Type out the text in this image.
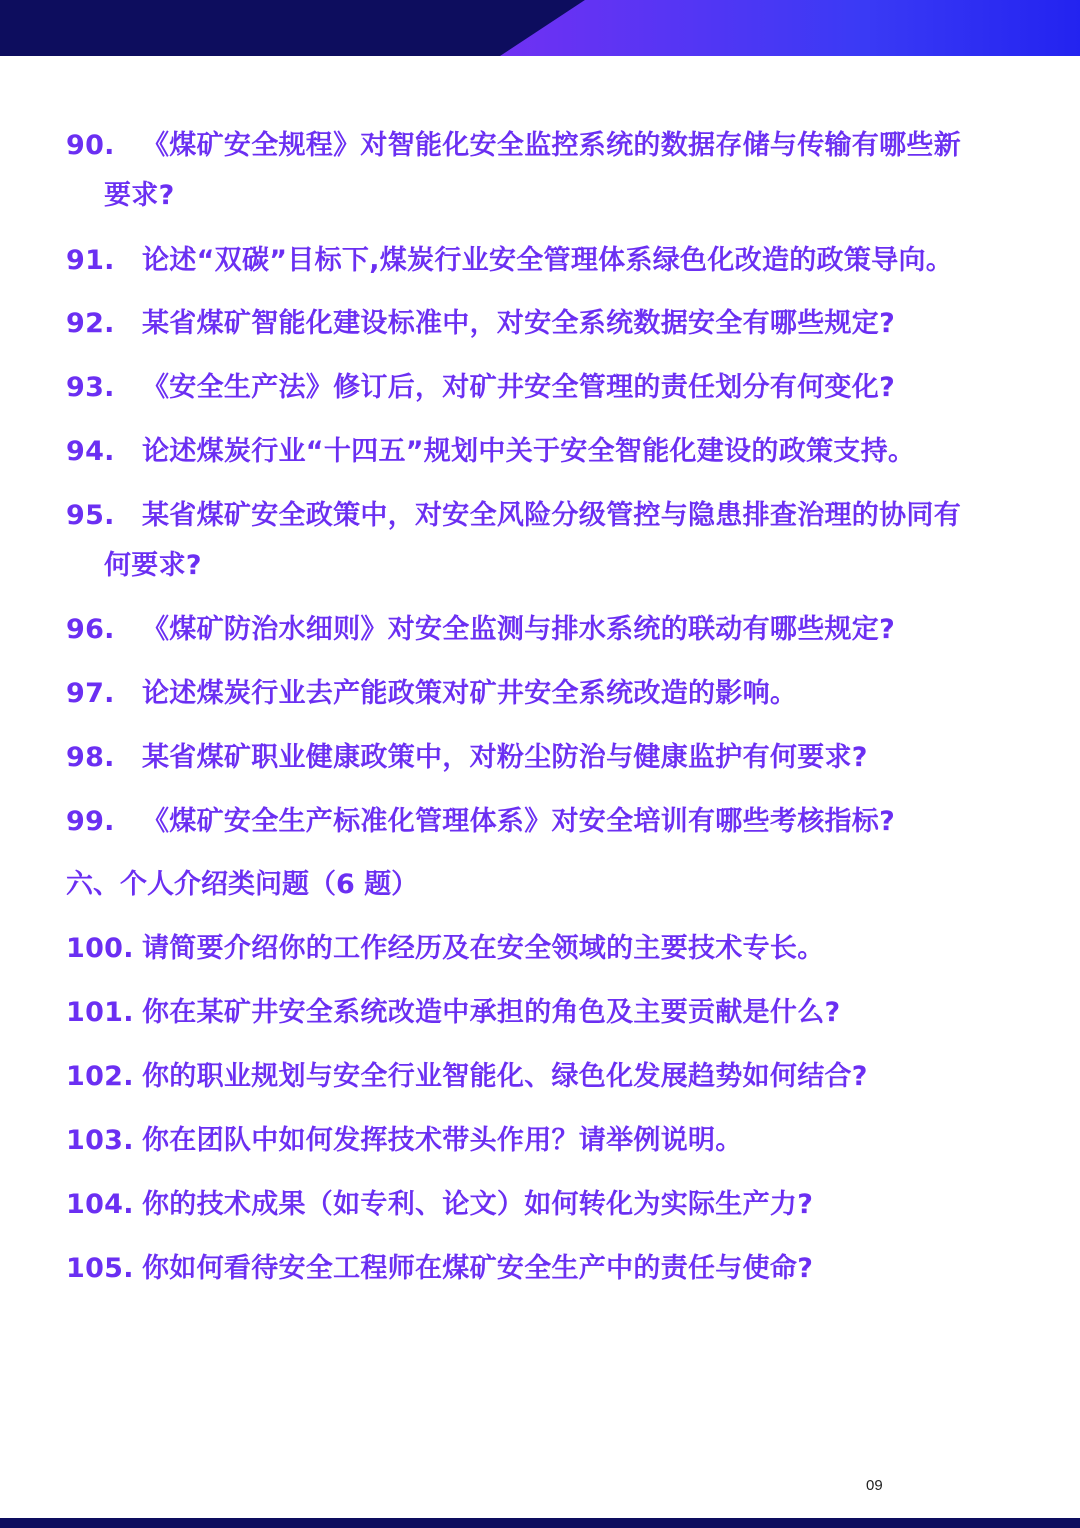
90. 《煤矿安全规程》对智能化安全监控系统的数据存储与传输有哪些新
要求?
91.	论述“双碳”目标下,煤炭行业安全管理体系绿色化改造的政策导向。
92.	某省煤矿智能化建设标准中，对安全系统数据安全有哪些规定?
93.	《安全生产法》修订后，对矿井安全管理的责任划分有何变化?
94.	论述煤炭行业“十四五”规划中关于安全智能化建设的政策支持。
95.	某省煤矿安全政策中，对安全风险分级管控与隐患排查治理的协同有
何要求?
96.	《煤矿防治水细则》对安全监测与排水系统的联动有哪些规定?
97.	论述煤炭行业去产能政策对矿井安全系统改造的影响。
98.	某省煤矿职业健康政策中，对粉尘防治与健康监护有何要求?
99.	《煤矿安全生产标准化管理体系》对安全培训有哪些考核指标?
六、个人介绍类问题（6 题）
100. 请简要介绍你的工作经历及在安全领域的主要技术专长。
101. 你在某矿井安全系统改造中承担的角色及主要贡献是什么?
102. 你的职业规划与安全行业智能化、绿色化发展趋势如何结合?
103. 你在团队中如何发挥技术带头作用？请举例说明。
104. 你的技术成果（如专利、论文）如何转化为实际生产力?
105. 你如何看待安全工程师在煤矿安全生产中的责任与使命?
09
